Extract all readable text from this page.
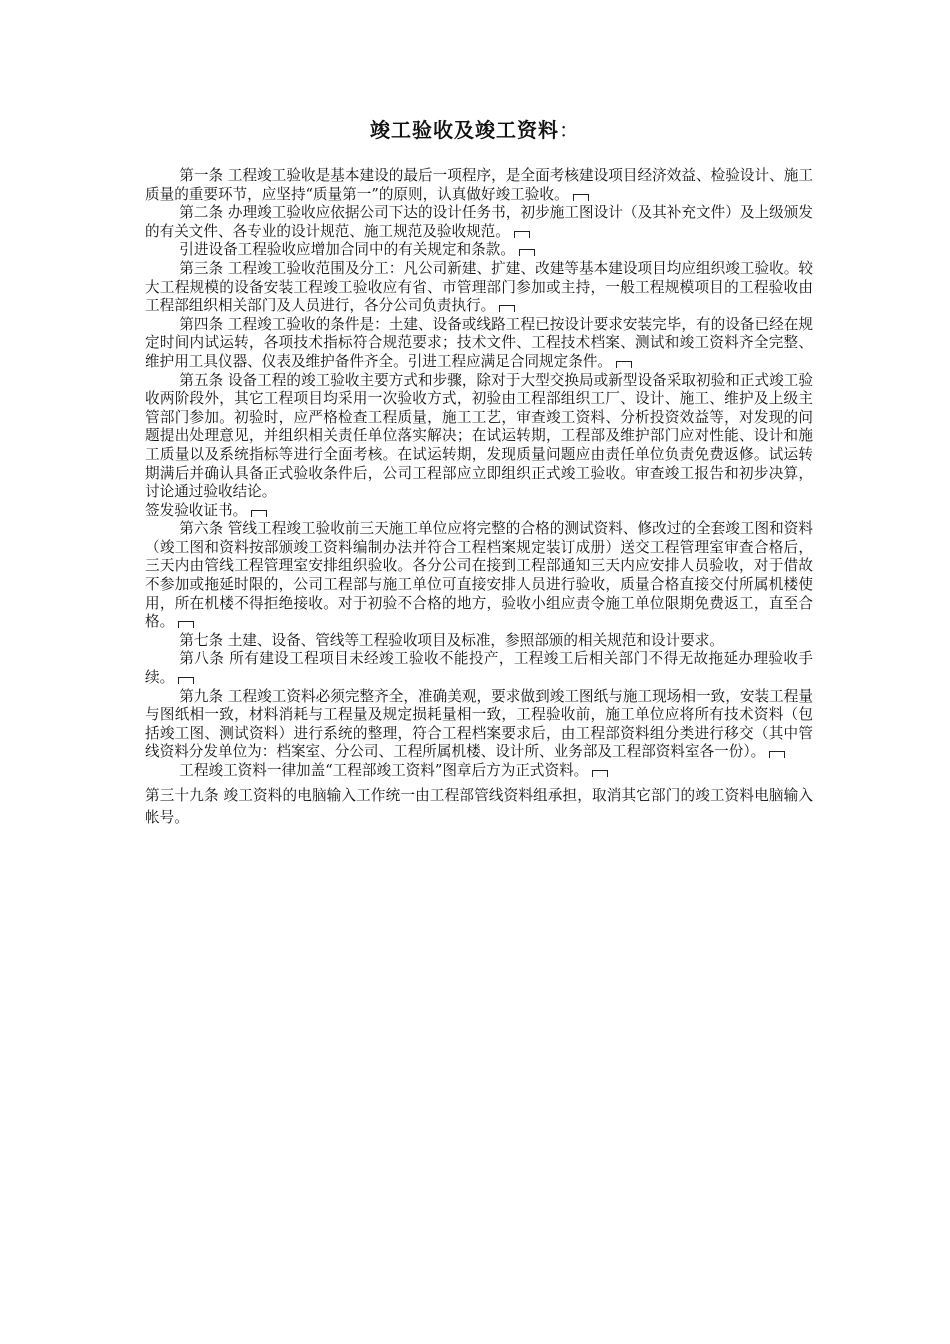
竣工验收及竣工资料：

第一条 工程竣工验收是基本建设的最后一项程序，是全面考核建设项目经济效益、检验设计、施工质量的重要环节，应坚持“质量第一”的原则，认真做好竣工验收。

第二条 办理竣工验收应依据公司下达的设计任务书，初步施工图设计（及其补充文件）及上级颁发的有关文件、各专业的设计规范、施工规范及验收规范。

引进设备工程验收应增加合同中的有关规定和条款。

第三条 工程竣工验收范围及分工：凡公司新建、扩建、改建等基本建设项目均应组织竣工验收。较大工程规模的设备安装工程竣工验收应有省、市管理部门参加或主持，一般工程规模项目的工程验收由工程部组织相关部门及人员进行，各分公司负责执行。

第四条 工程竣工验收的条件是：土建、设备或线路工程已按设计要求安装完毕，有的设备已经在规定时间内试运转，各项技术指标符合规范要求；技术文件、工程技术档案、测试和竣工资料齐全完整、维护用工具仪器、仪表及维护备件齐全。引进工程应满足合同规定条件。

第五条 设备工程的竣工验收主要方式和步骤，除对于大型交换局或新型设备采取初验和正式竣工验收两阶段外，其它工程项目均采用一次验收方式，初验由工程部组织工厂、设计、施工、维护及上级主管部门参加。初验时，应严格检查工程质量，施工工艺，审查竣工资料、分析投资效益等，对发现的问题提出处理意见，并组织相关责任单位落实解决；在试运转期，工程部及维护部门应对性能、设计和施工质量以及系统指标等进行全面考核。在试运转期，发现质量问题应由责任单位负责免费返修。试运转期满后并确认具备正式验收条件后，公司工程部应立即组织正式竣工验收。审查竣工报告和初步决算，讨论通过验收结论。

签发验收证书。

第六条 管线工程竣工验收前三天施工单位应将完整的合格的测试资料、修改过的全套竣工图和资料（竣工图和资料按部颁竣工资料编制办法并符合工程档案规定装订成册）送交工程管理室审查合格后，三天内由管线工程管理室安排组织验收。各分公司在接到工程部通知三天内应安排人员验收，对于借故不参加或拖延时限的，公司工程部与施工单位可直接安排人员进行验收，质量合格直接交付所属机楼使用，所在机楼不得拒绝接收。对于初验不合格的地方，验收小组应责令施工单位限期免费返工，直至合格。

第七条 土建、设备、管线等工程验收项目及标准，参照部颁的相关规范和设计要求。

第八条 所有建设工程项目未经竣工验收不能投产，工程竣工后相关部门不得无故拖延办理验收手续。

第九条 工程竣工资料必须完整齐全，准确美观，要求做到竣工图纸与施工现场相一致，安装工程量与图纸相一致，材料消耗与工程量及规定损耗量相一致，工程验收前，施工单位应将所有技术资料（包括竣工图、测试资料）进行系统的整理，符合工程档案要求后，由工程部资料组分类进行移交（其中管线资料分发单位为：档案室、分公司、工程所属机楼、设计所、业务部及工程部资料室各一份）。

工程竣工资料一律加盖“工程部竣工资料”图章后方为正式资料。

第三十九条 竣工资料的电脑输入工作统一由工程部管线资料组承担，取消其它部门的竣工资料电脑输入帐号。
